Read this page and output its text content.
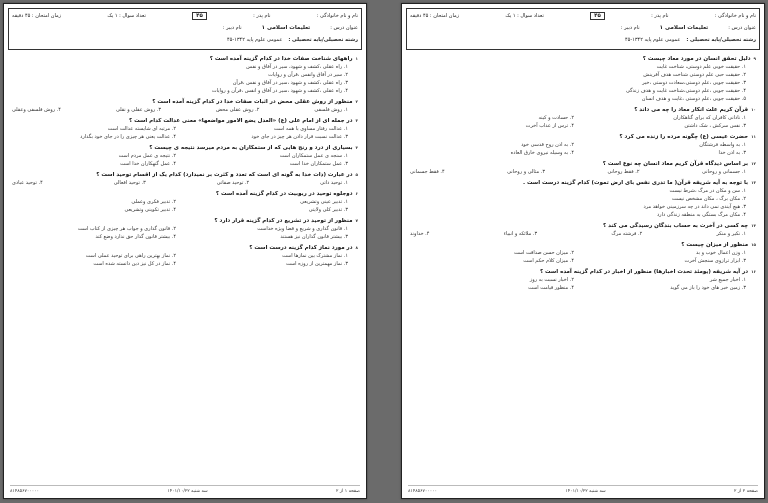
نام و نام خانوادگی :
نام پدر :
۴۵
تعداد سوال : ۱ یک
زمان امتحان : ۴۵ دقیقه
عنوان درس :
تعلیمات اسلامی ۱
نام دبیر :
رشته تحصیلی/پایه تحصیلی :
عمومی علوم پایه ۱۳۴۲-۴۵
۱راههای شناخت صفات خدا در کدام گزینه آمده است ؟
۱. راه عقلی ،کشف و شهود، سیر در آفاق و نفس
۲. سیر در آفاق وانفس ،قرآن و روایات
۳. راه عقلی ،کشف و شهود ،سیر در آفاق و نفس ،قرآن
۴. راه عقلی ،کشف و شهود ،سیر در آفاق و انفس ،قرآن و روایات
۲منظور از روش عقلی محض در اثبات صفات خدا در کدام گزینه آمده است ؟
۱. روش فلسفی
۲. روش عقلی محض
۳. روش عقلی و نقلی
۴. روش فلسفی وعقلی
۳در جمله ای از امام علی (ع) «العدل یضع الامور مواضعها» معنی عدالت کدام است ؟
۱. عدالت رفتار مساوی با همه است
۲. مرتبه ای شایسته عدالت است
۳. عدالت نسبت قرار دادن هر چیز در جای خود
۴. عدالت یعنی هر چیزی را در جای خود بگذارد
۴بسیاری از درد و رنج هایی که از ستمکاران به مردم میرسد نتیجه ی چیست ؟
۱. سنجه ی عمل ستمکاران است
۲. نتیجه ی عمل مردم است
۳. عمل ستمکاران خدا است
۴. عمل گنهکاران خدا است
۵در عبارت (ذات خدا به گونه ای است که تعدد و کثرت بر نمیدارد) کدام یک از اقسام توحید است ؟
۱. توحید ذاتی
۲. توحید صفاتی
۳. توحید افعالی
۴. توحید عبادی
۶دوجلوه توحید در ربوبیت در کدام گزینه آمده است ؟
۱. تدبیر عینی وتشریعی
۲. تدبیر فکری وعملی
۳. تدبیر کلی ولایتی
۴. تدبیر تکوینی وتشریعی
۷منظور از توحید در تشریع در کدام گزینه قرار دارد ؟
۱. قانون گذاری و شریع و قضا ویژه خداست
۲. قانون گذاری و جواب هر چیزی از کتاب است
۳. بیشتر قانون گذاران نیز هستند
۴. بیشتر قانون گذار حق ندارد وضع کند
۸در مورد نماز کدام گزینه درست است ؟
۱. نماز مشترک بین نمازها است
۲. نماز بهترین راهی برای توحید عملی است
۳. نماز مهمترین از روزه است
۴. نماز در کل نیز دین دانسته شده است
صفحه ۱ از ۲
سه شنبه ۱۴۰۱/۱۰/۲۲
۸۱۴۸۵۶۷۰۰۰۰۰
نام و نام خانوادگی :
نام پدر :
۴۵
تعداد سوال : ۱ یک
زمان امتحان : ۴۵ دقیقه
عنوان درس :
تعلیمات اسلامی ۱
نام دبیر :
رشته تحصیلی/پایه تحصیلی :
عمومی علوم پایه ۱۳۴۲-۴۵
۹دلیل تحقق انسان در مورد معاد چیست ؟
۱. حقیقت خوبی علم دوستی، شناخت غایت
۲. حقیقت حبی علم دوستی شناخت هدف آفرینش
۳. حقیقت جویی ،علم دوستی،سعادت دوستی ،خیر
۴. حقیقت جویی ،علم دوستی،شناخت غایت و هدف زندگی
۵. حقیقت جویی ،علم دوستی ،غایت و هدف انسان
۱۰قرآن کریم علت انکار معاد را چه می داند ؟
۱. نادانی کافران که برای گناهکاران
۲. حسادت و کینه
۳. نفس سرکش ، شک داشتن
۴. ترس از عذاب آخرت
۱۱حضرت عیسی (ع) چگونه مرده را زنده می کرد ؟
۱. به واسطه فرشتگان
۲. به اذن روح قدسی خود
۳. به اذن خدا
۴. به وسیله نیروی خارق العاده
۱۲بر اساس دیدگاه قرآن کریم معاد انسان چه نوع است ؟
۱. جسمانی و روحانی
۲. فقط روحانی
۳. مثالی و روحانی
۴. فقط جسمانی
۱۳با توجه به آیه شریفه قرآن( ما تدری نفس بای ارض تموت) کدام گزینه درست است .
۱. سن و مکان در مرگ ،شرط نیست
۲. مکان برگ ، مکان مشخص نیست
۳. هیچ آیندی نمی داند در چه سرزمینی خواهد مرد
۴. مکان مرگ بستگی به منطقه زندگی دارد
۱۴چه کسی در آخرت به حساب بندگان رسیدگی می کند ؟
۱. نکیر و منکر
۲. فرشته مرگ
۳. ملائکه و انبیاء
۴. خداوند
۱۵منظور از میزان چیست ؟
۱. وزن اعمال خوب و بد
۲. میزان حسن صداقت است
۳. ابزار ترازوی سنجش آخرت
۴. میزان کلام حکم است
۱۶در آیه شریفه (یومئذ تحدث اخبارها) منظور از اخبار در کدام گزینه آمده است ؟
۱. اخبار جمیع شر
۲. اخبار نسبت به روز
۳. زمین خبر های خود را باز می گوید
۴. منظور قیامت است
صفحه ۲ از ۲
سه شنبه ۱۴۰۱/۱۰/۲۲
۸۱۴۸۵۶۷۰۰۰۰۰
